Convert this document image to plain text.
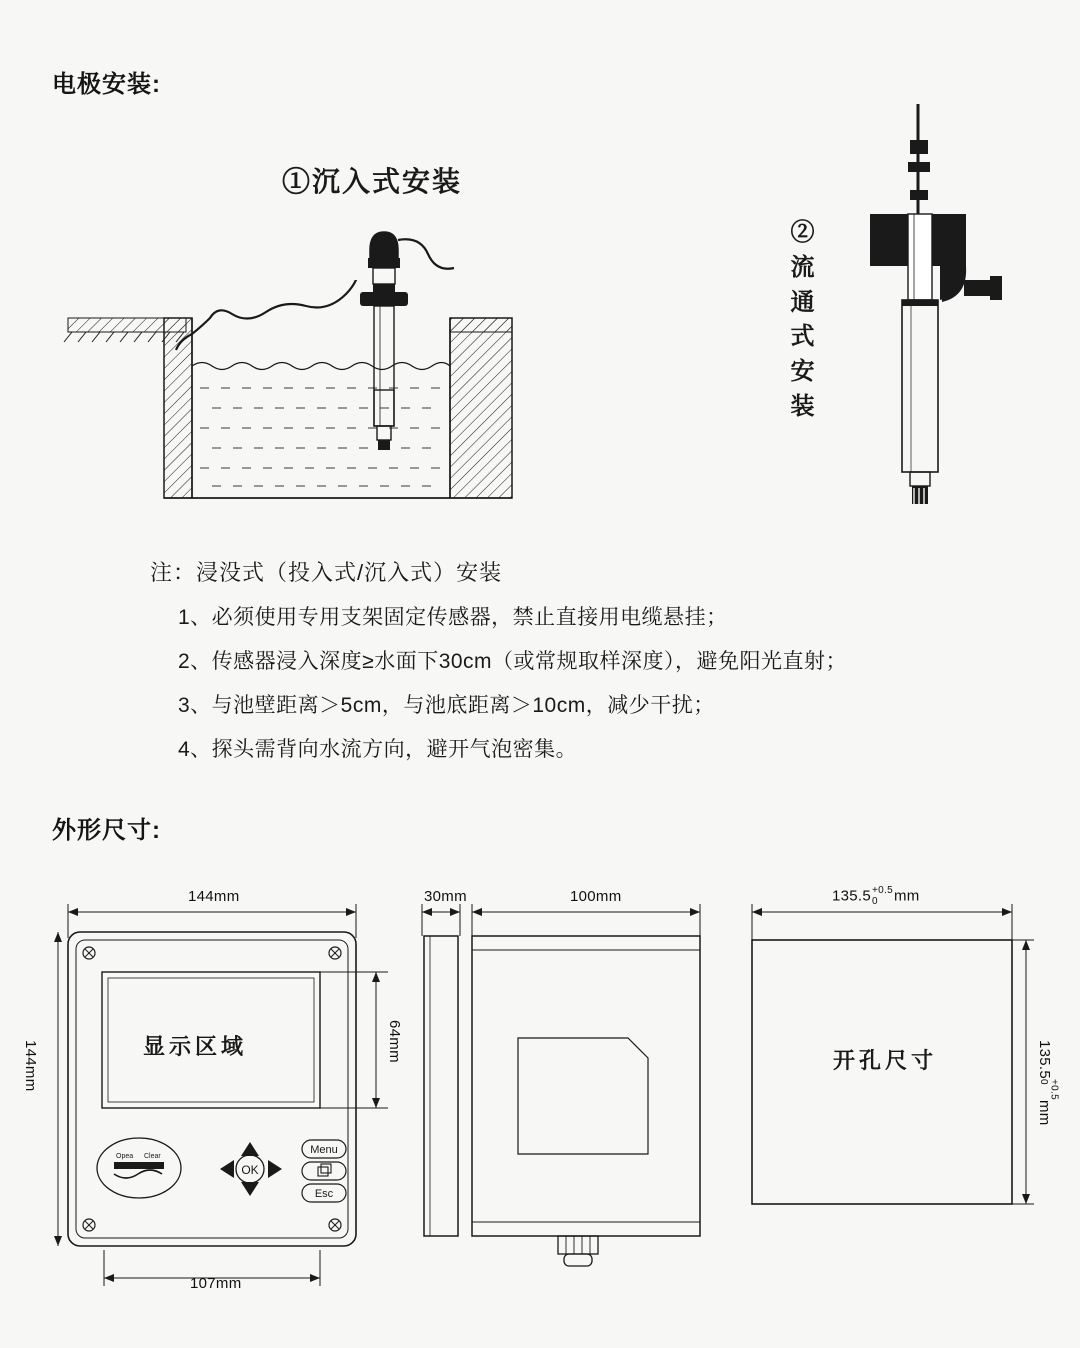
电极安装:
①沉入式安装
②流通式安装
注：浸没式（投入式/沉入式）安装
1、必须使用专用支架固定传感器，禁止直接用电缆悬挂；
2、传感器浸入深度≥水面下30cm（或常规取样深度），避免阳光直射；
3、与池壁距离＞5cm，与池底距离＞10cm，减少干扰；
4、探头需背向水流方向，避开气泡密集。
外形尺寸:
Opea Clear
OK
Menu
Esc
144mm
144mm	64mm
107mm
显示区域
30mm	100mm	135.5 +0.5
0	mm
135.5
+0.5
0
mm
开孔尺寸
